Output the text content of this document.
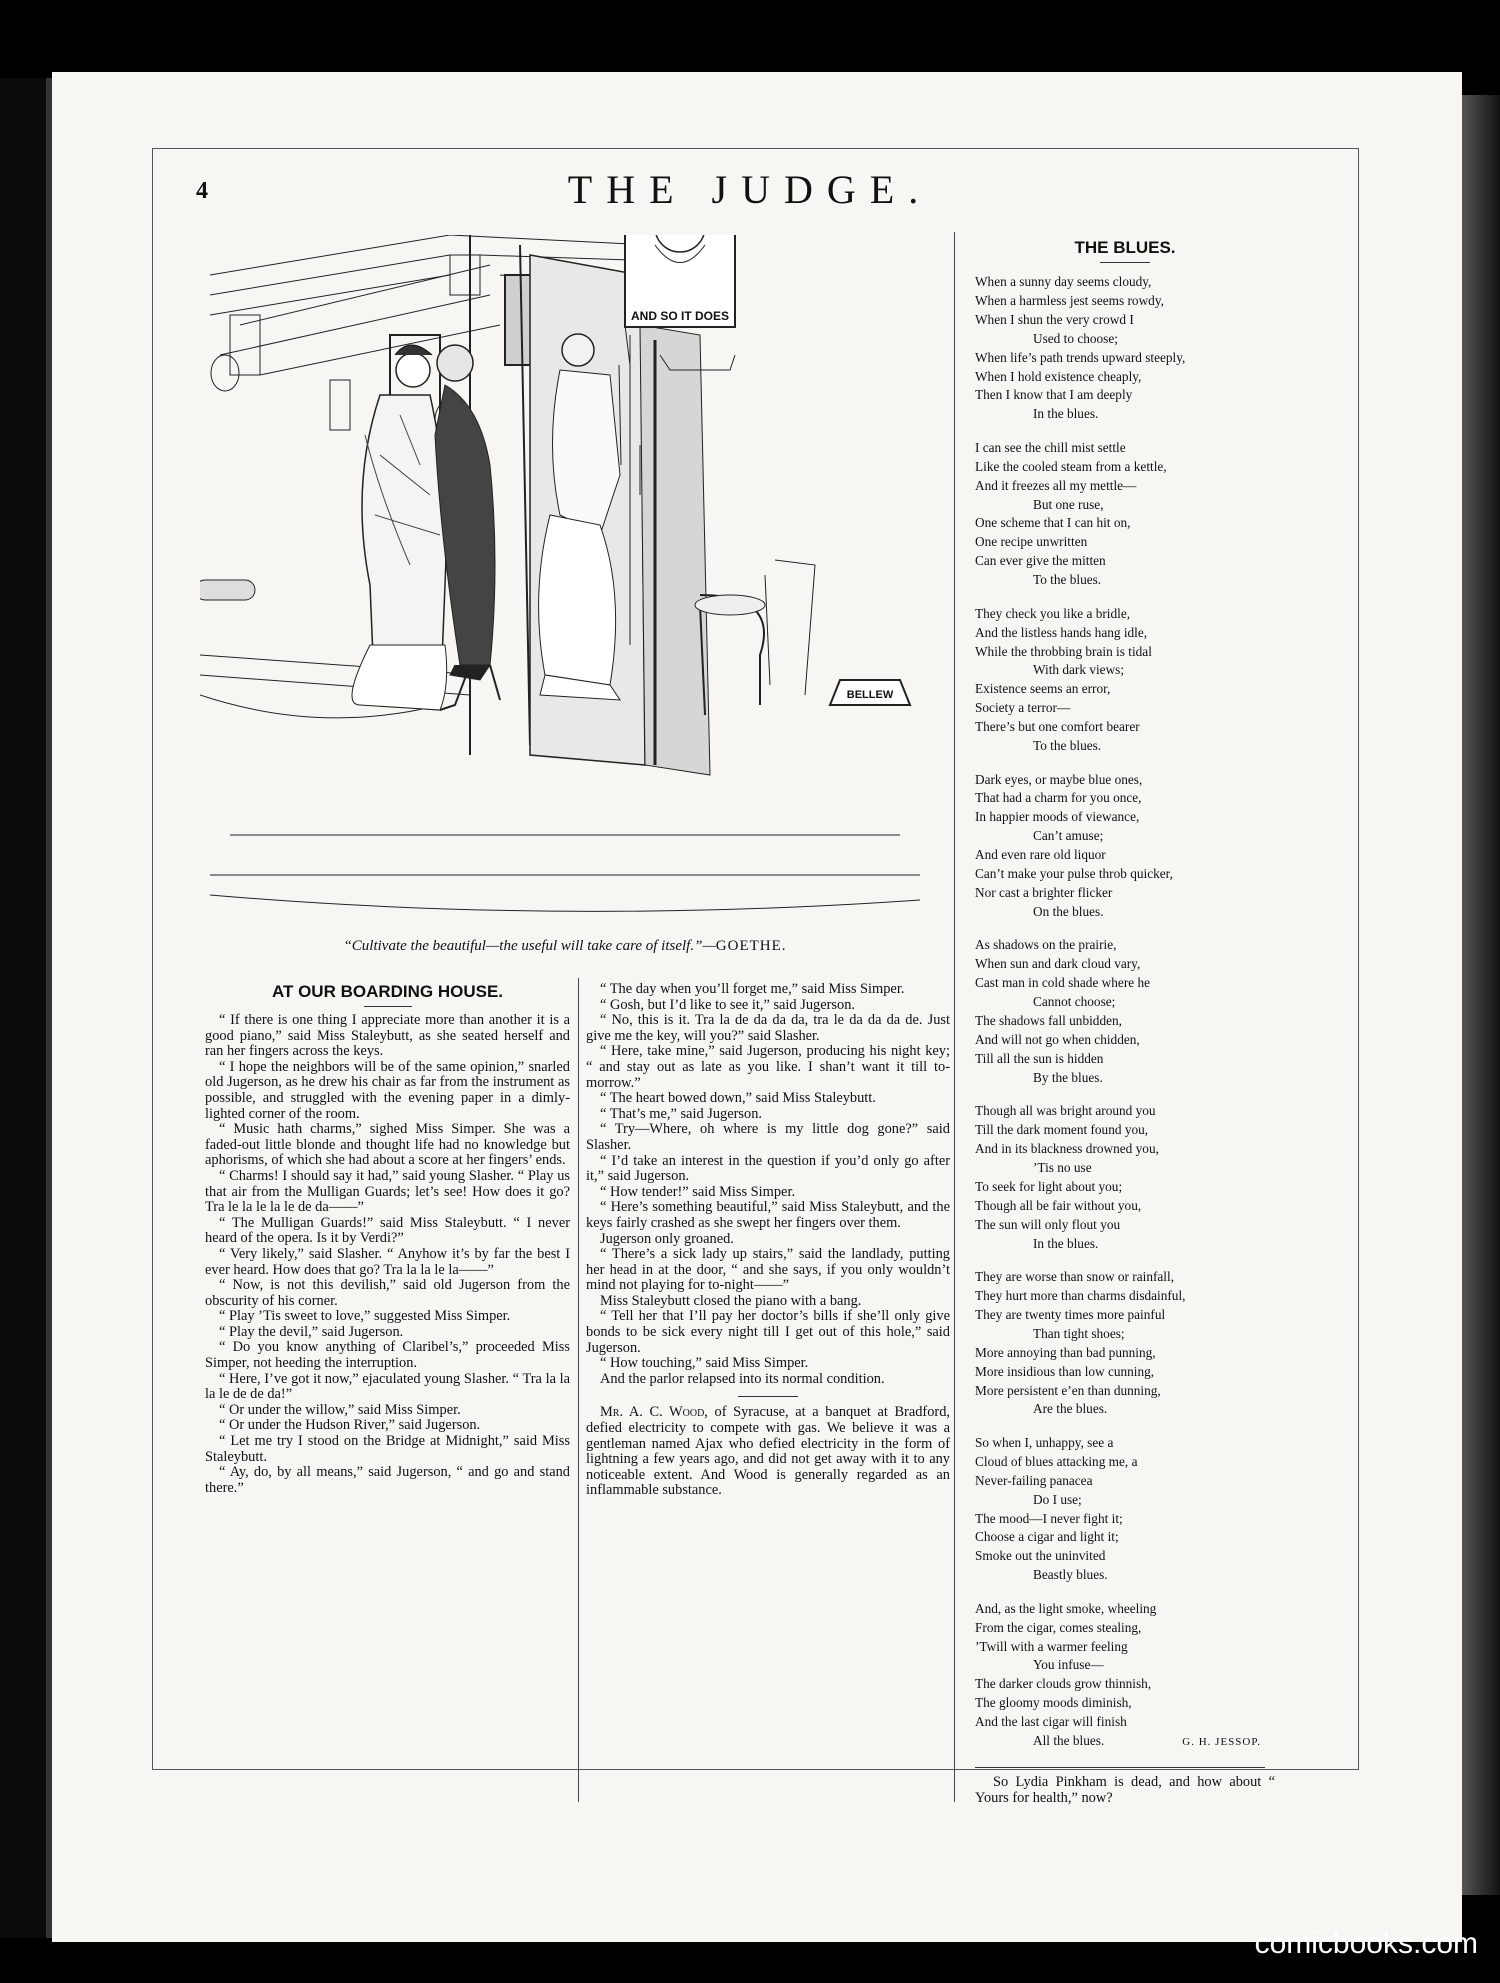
4	THE JUDGE.
AND SO IT DOES
BELLEW
“Cultivate the beautiful—the useful will take care of itself.”—GOETHE.
AT OUR BOARDING HOUSE.

“ If there is one thing I appreciate more than another it is a good piano,” said Miss Staleybutt, as she seated herself and ran her fingers across the keys.

“ I hope the neighbors will be of the same opinion,” snarled old Jugerson, as he drew his chair as far from the instrument as possible, and struggled with the evening paper in a dimly-lighted corner of the room.

“ Music hath charms,” sighed Miss Simper. She was a faded-out little blonde and thought life had no knowledge but aphorisms, of which she had about a score at her fingers’ ends.

“ Charms! I should say it had,” said young Slasher. “ Play us that air from the Mulligan Guards; let’s see! How does it go? Tra le la le la le de da——”

“ The Mulligan Guards!” said Miss Staleybutt. “ I never heard of the opera. Is it by Verdi?”

“ Very likely,” said Slasher. “ Anyhow it’s by far the best I ever heard. How does that go? Tra la la le la——”

“ Now, is not this devilish,” said old Jugerson from the obscurity of his corner.

“ Play ’Tis sweet to love,” suggested Miss Simper.

“ Play the devil,” said Jugerson.

“ Do you know anything of Claribel’s,” proceeded Miss Simper, not heeding the interruption.

“ Here, I’ve got it now,” ejaculated young Slasher. “ Tra la la la le de de da!”

“ Or under the willow,” said Miss Simper.

“ Or under the Hudson River,” said Jugerson.

“ Let me try I stood on the Bridge at Midnight,” said Miss Staleybutt.

“ Ay, do, by all means,” said Jugerson, “ and go and stand there.”

“ The day when you’ll forget me,” said Miss Simper.

“ Gosh, but I’d like to see it,” said Jugerson.

“ No, this is it. Tra la de da da da, tra le da da da de. Just give me the key, will you?” said Slasher.

“ Here, take mine,” said Jugerson, producing his night key; “ and stay out as late as you like. I shan’t want it till to-morrow.”

“ The heart bowed down,” said Miss Staleybutt.

“ That’s me,” said Jugerson.

“ Try—Where, oh where is my little dog gone?” said Slasher.

“ I’d take an interest in the question if you’d only go after it,” said Jugerson.

“ How tender!” said Miss Simper.

“ Here’s something beautiful,” said Miss Staleybutt, and the keys fairly crashed as she swept her fingers over them.

Jugerson only groaned.

“ There’s a sick lady up stairs,” said the landlady, putting her head in at the door, “ and she says, if you only wouldn’t mind not playing for to-night——”

Miss Staleybutt closed the piano with a bang.

“ Tell her that I’ll pay her doctor’s bills if she’ll only give bonds to be sick every night till I get out of this hole,” said Jugerson.

“ How touching,” said Miss Simper.

And the parlor relapsed into its normal condition.

Mr. A. C. Wood, of Syracuse, at a banquet at Bradford, defied electricity to compete with gas. We believe it was a gentleman named Ajax who defied electricity in the form of lightning a few years ago, and did not get away with it to any noticeable extent. And Wood is generally regarded as an inflammable substance.

THE BLUES.
When a sunny day seems cloudy,
When a harmless jest seems rowdy,
When I shun the very crowd I
Used to choose;
When life’s path trends upward steeply,
When I hold existence cheaply,
Then I know that I am deeply
In the blues.
I can see the chill mist settle
Like the cooled steam from a kettle,
And it freezes all my mettle—
But one ruse,
One scheme that I can hit on,
One recipe unwritten
Can ever give the mitten
To the blues.
They check you like a bridle,
And the listless hands hang idle,
While the throbbing brain is tidal
With dark views;
Existence seems an error,
Society a terror—
There’s but one comfort bearer
To the blues.
Dark eyes, or maybe blue ones,
That had a charm for you once,
In happier moods of viewance,
Can’t amuse;
And even rare old liquor
Can’t make your pulse throb quicker,
Nor cast a brighter flicker
On the blues.
As shadows on the prairie,
When sun and dark cloud vary,
Cast man in cold shade where he
Cannot choose;
The shadows fall unbidden,
And will not go when chidden,
Till all the sun is hidden
By the blues.
Though all was bright around you
Till the dark moment found you,
And in its blackness drowned you,
’Tis no use
To seek for light about you;
Though all be fair without you,
The sun will only flout you
In the blues.
They are worse than snow or rainfall,
They hurt more than charms disdainful,
They are twenty times more painful
Than tight shoes;
More annoying than bad punning,
More insidious than low cunning,
More persistent e’en than dunning,
Are the blues.
So when I, unhappy, see a
Cloud of blues attacking me, a
Never-failing panacea
Do I use;
The mood—I never fight it;
Choose a cigar and light it;
Smoke out the uninvited
Beastly blues.
And, as the light smoke, wheeling
From the cigar, comes stealing,
’Twill with a warmer feeling
You infuse—
The darker clouds grow thinnish,
The gloomy moods diminish,
And the last cigar will finish
All the blues.	G. H. JESSOP.

So Lydia Pinkham is dead, and how about “ Yours for health,” now?

comicbooks.com
